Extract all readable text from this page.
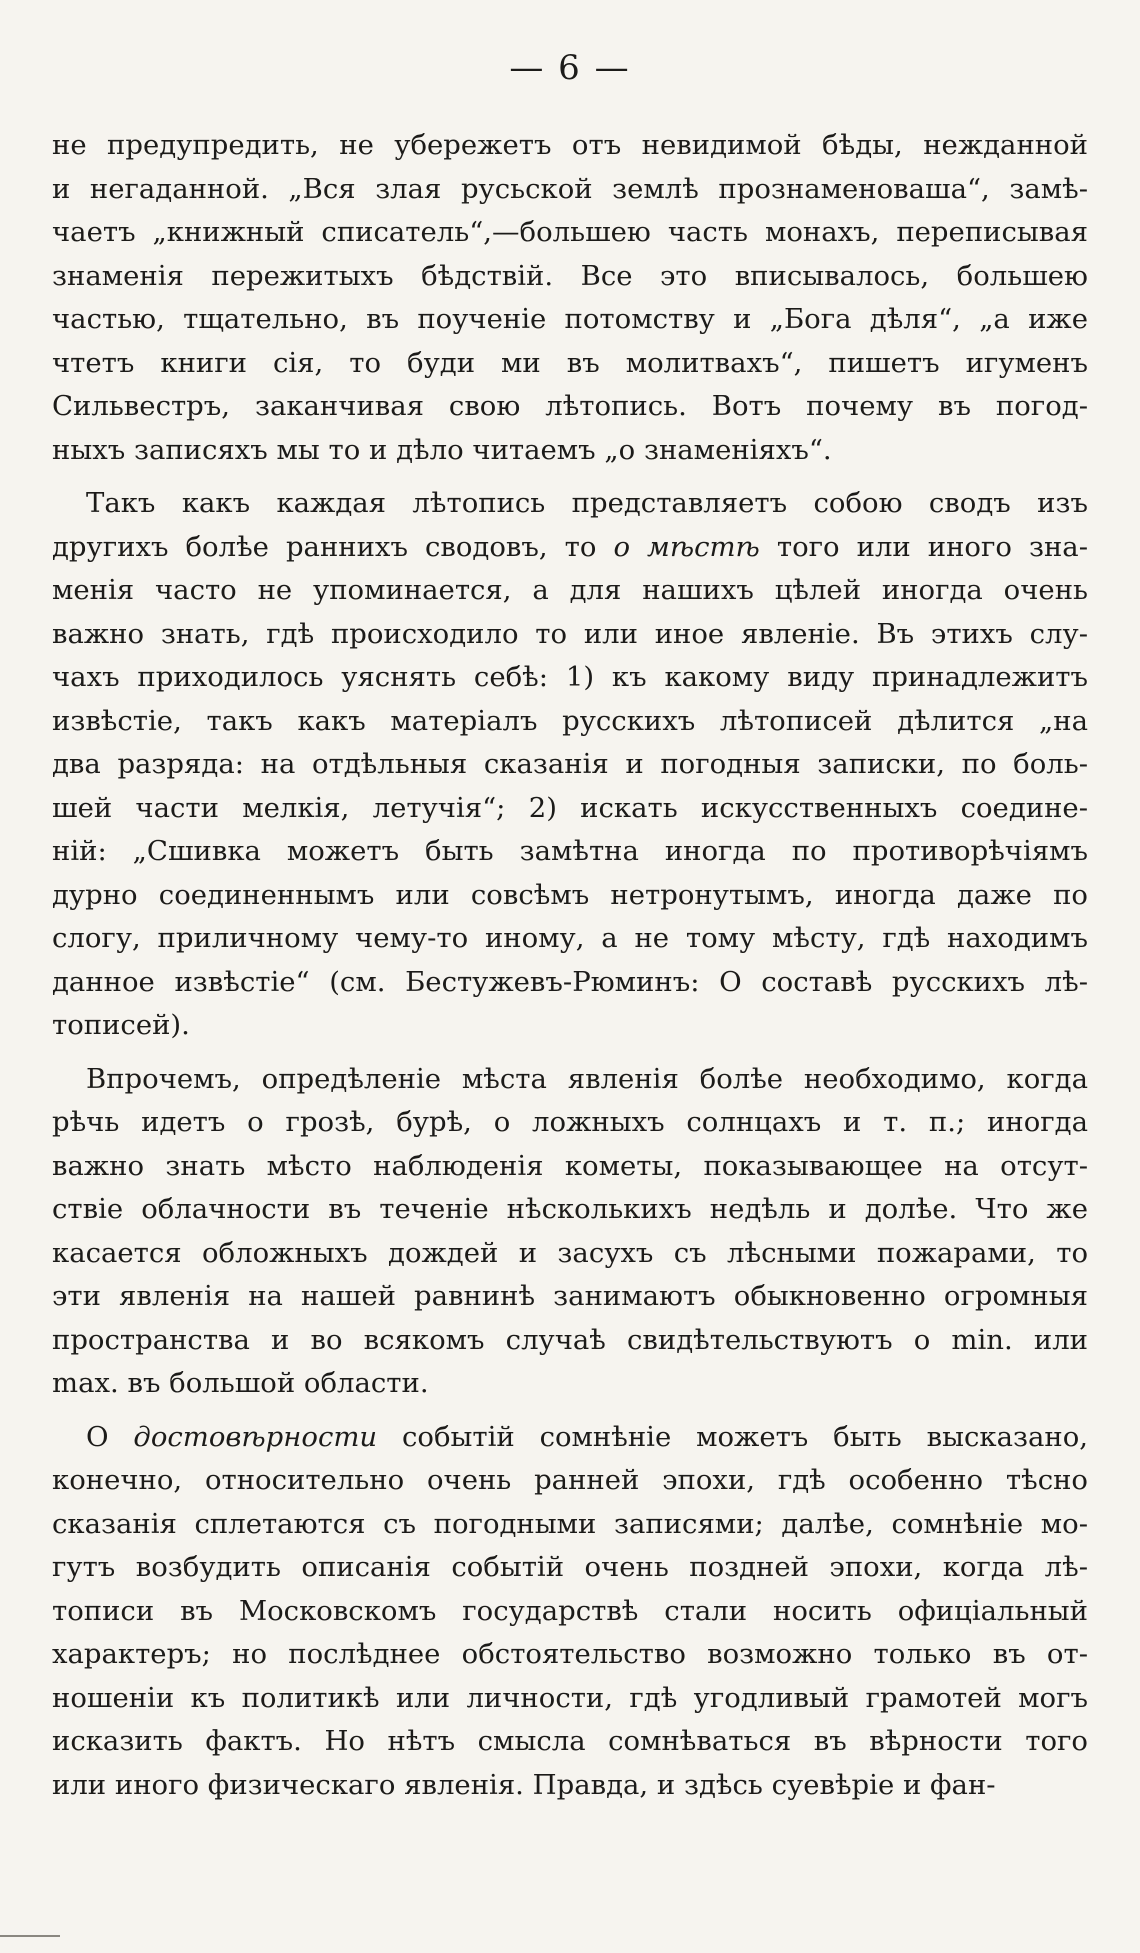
— 6 —
не предупредить, не убережетъ отъ невидимой бѣды, нежданной
и негаданной. „Вся злая русьской землѣ прознаменоваша“, замѣ-
чаетъ „книжный списатель“,—большею часть монахъ, переписывая
знаменія пережитыхъ бѣдствій. Все это вписывалось, большею
частью, тщательно, въ поученіе потомству и „Бога дѣля“, „а иже
чтетъ книги сія, то буди ми въ молитвахъ“, пишетъ игуменъ
Сильвестръ, заканчивая свою лѣтопись. Вотъ почему въ погод-
ныхъ записяхъ мы то и дѣло читаемъ „о знаменіяхъ“.
Такъ какъ каждая лѣтопись представляетъ собою сводъ изъ
другихъ болѣе раннихъ сводовъ, то о мѣстѣ того или иного зна-
менія часто не упоминается, а для нашихъ цѣлей иногда очень
важно знать, гдѣ происходило то или иное явленіе. Въ этихъ слу-
чахъ приходилось уяснять себѣ: 1) къ какому виду принадлежитъ
извѣстіе, такъ какъ матеріалъ русскихъ лѣтописей дѣлится „на
два разряда: на отдѣльныя сказанія и погодныя записки, по боль-
шей части мелкія, летучія“; 2) искать искусственныхъ соедине-
ній: „Сшивка можетъ быть замѣтна иногда по противорѣчіямъ
дурно соединеннымъ или совсѣмъ нетронутымъ, иногда даже по
слогу, приличному чему-то иному, а не тому мѣсту, гдѣ находимъ
данное извѣстіе“ (см. Бестужевъ-Рюминъ: О составѣ русскихъ лѣ-
тописей).
Впрочемъ, опредѣленіе мѣста явленія болѣе необходимо, когда
рѣчь идетъ о грозѣ, бурѣ, о ложныхъ солнцахъ и т. п.; иногда
важно знать мѣсто наблюденія кометы, показывающее на отсут-
ствіе облачности въ теченіе нѣсколькихъ недѣль и долѣе. Что же
касается обложныхъ дождей и засухъ съ лѣсными пожарами, то
эти явленія на нашей равнинѣ занимаютъ обыкновенно огромныя
пространства и во всякомъ случаѣ свидѣтельствуютъ о min. или
max. въ большой области.
О достовѣрности событій сомнѣніе можетъ быть высказано,
конечно, относительно очень ранней эпохи, гдѣ особенно тѣсно
сказанія сплетаются съ погодными записями; далѣе, сомнѣніе мо-
гутъ возбудить описанія событій очень поздней эпохи, когда лѣ-
тописи въ Московскомъ государствѣ стали носить офиціальный
характеръ; но послѣднее обстоятельство возможно только въ от-
ношеніи къ политикѣ или личности, гдѣ угодливый грамотей могъ
исказить фактъ. Но нѣтъ смысла сомнѣваться въ вѣрности того
или иного физическаго явленія. Правда, и здѣсь суевѣріе и фан-
